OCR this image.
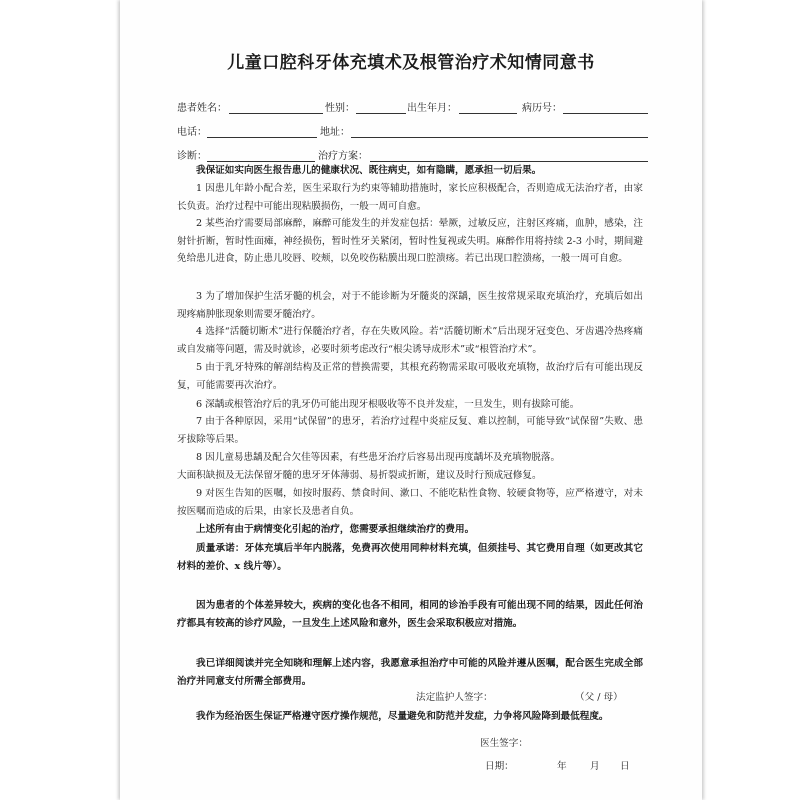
儿童口腔科牙体充填术及根管治疗术知情同意书
患者姓名：	性别：	出生年月：	病历号：
电话：	地址：
诊断：	治疗方案：

我保证如实向医生报告患儿的健康状况、既往病史，如有隐瞒，愿承担一切后果。

1 因患儿年龄小配合差，医生采取行为约束等辅助措施时，家长应积极配合，否则造成无法治疗者，由家长负责。治疗过程中可能出现粘膜损伤，一般一周可自愈。

2 某些治疗需要局部麻醉，麻醉可能发生的并发症包括：晕厥，过敏反应，注射区疼痛，血肿，感染，注射针折断，暂时性面瘫，神经损伤，暂时性牙关紧闭，暂时性复视或失明。麻醉作用将持续 2-3 小时，期间避免给患儿进食，防止患儿咬唇、咬颊，以免咬伤粘膜出现口腔溃疡。若已出现口腔溃疡，一般一周可自愈。

3 为了增加保护生活牙髓的机会，对于不能诊断为牙髓炎的深龋，医生按常规采取充填治疗，充填后如出现疼痛肿胀现象则需要牙髓治疗。

4 选择“活髓切断术”进行保髓治疗者，存在失败风险。若“活髓切断术”后出现牙冠变色、牙齿遇冷热疼痛或自发痛等问题，需及时就诊，必要时须考虑改行“根尖诱导成形术”或“根管治疗术”。

5 由于乳牙特殊的解剖结构及正常的替换需要，其根充药物需采取可吸收充填物，故治疗后有可能出现反复，可能需要再次治疗。

6 深龋或根管治疗后的乳牙仍可能出现牙根吸收等不良并发症，一旦发生，则有拔除可能。

7 由于各种原因，采用“试保留”的患牙，若治疗过程中炎症反复、难以控制，可能导致“试保留”失败、患牙拔除等后果。

8 因儿童易患龋及配合欠佳等因素，有些患牙治疗后容易出现再度龋坏及充填物脱落。

大面积缺损及无法保留牙髓的患牙牙体薄弱、易折裂或折断，建议及时行预成冠修复。

9 对医生告知的医嘱，如按时服药、禁食时间、漱口、不能吃粘性食物、较硬食物等，应严格遵守，对未按医嘱而造成的后果，由家长及患者自负。

上述所有由于病情变化引起的治疗，您需要承担继续治疗的费用。

质量承诺：牙体充填后半年内脱落，免费再次使用同种材料充填，但须挂号、其它费用自理（如更改其它材料的差价、x 线片等）。

因为患者的个体差异较大，疾病的变化也各不相同，相同的诊治手段有可能出现不同的结果，因此任何治疗都具有较高的诊疗风险，一旦发生上述风险和意外，医生会采取积极应对措施。

我已详细阅读并完全知晓和理解上述内容，我愿意承担治疗中可能的风险并遵从医嘱，配合医生完成全部治疗并同意支付所需全部费用。

法定监护人签字：	（父 / 母）

我作为经治医生保证严格遵守医疗操作规范，尽量避免和防范并发症，力争将风险降到最低程度。

医生签字：
日期：	年 月 日
